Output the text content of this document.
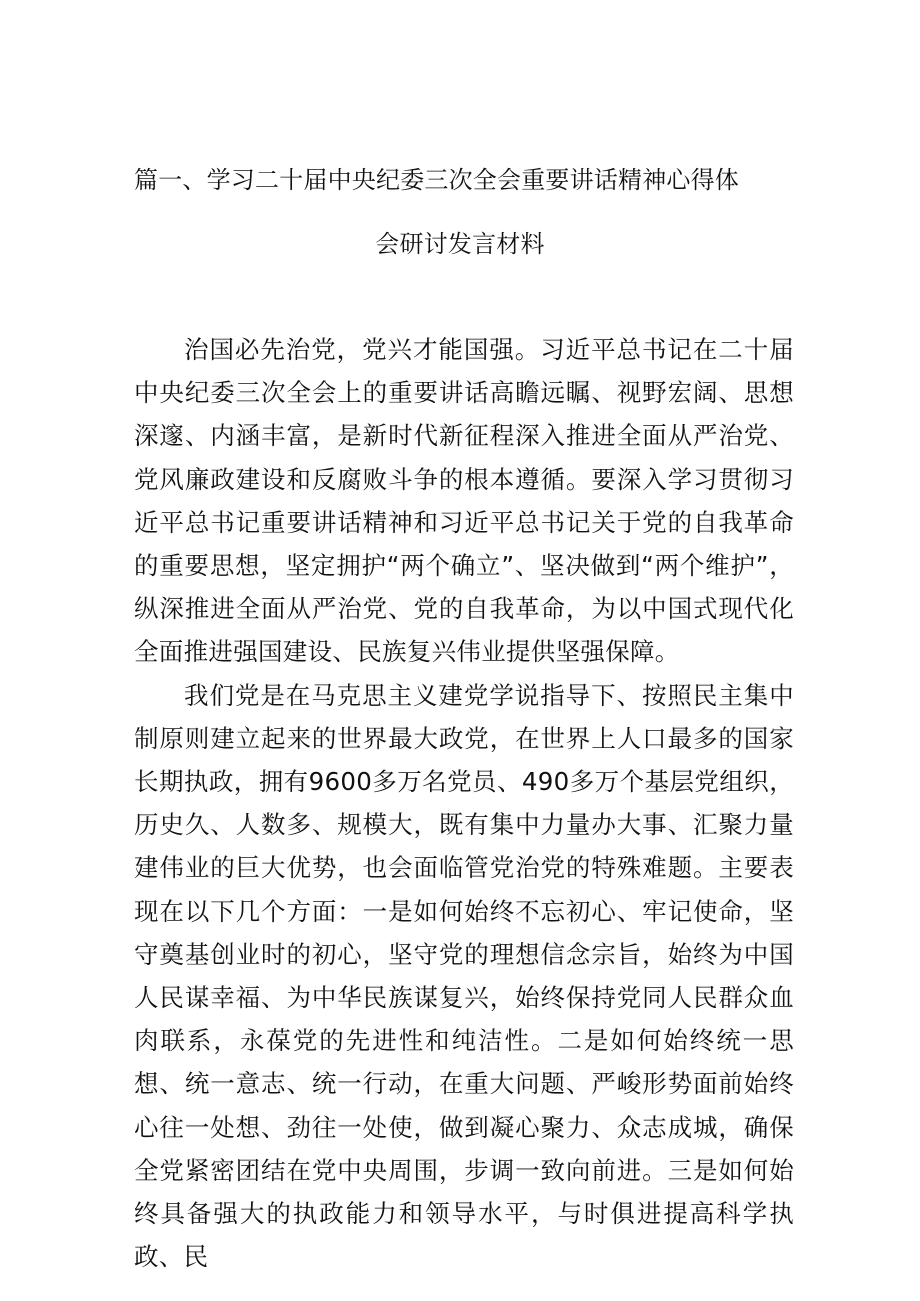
篇一、学习二十届中央纪委三次全会重要讲话精神心得体
会研讨发言材料

治国必先治党，党兴才能国强。习近平总书记在二十届中央纪委三次全会上的重要讲话高瞻远瞩、视野宏阔、思想深邃、内涵丰富，是新时代新征程深入推进全面从严治党、党风廉政建设和反腐败斗争的根本遵循。要深入学习贯彻习近平总书记重要讲话精神和习近平总书记关于党的自我革命的重要思想，坚定拥护“两个确立”、坚决做到“两个维护”，纵深推进全面从严治党、党的自我革命，为以中国式现代化全面推进强国建设、民族复兴伟业提供坚强保障。

我们党是在马克思主义建党学说指导下、按照民主集中制原则建立起来的世界最大政党，在世界上人口最多的国家长期执政，拥有9600多万名党员、490多万个基层党组织，历史久、人数多、规模大，既有集中力量办大事、汇聚力量建伟业的巨大优势，也会面临管党治党的特殊难题。主要表现在以下几个方面：一是如何始终不忘初心、牢记使命，坚守奠基创业时的初心，坚守党的理想信念宗旨，始终为中国人民谋幸福、为中华民族谋复兴，始终保持党同人民群众血肉联系，永葆党的先进性和纯洁性。二是如何始终统一思想、统一意志、统一行动，在重大问题、严峻形势面前始终心往一处想、劲往一处使，做到凝心聚力、众志成城，确保全党紧密团结在党中央周围，步调一致向前进。三是如何始终具备强大的执政能力和领导水平，与时俱进提高科学执政、民
